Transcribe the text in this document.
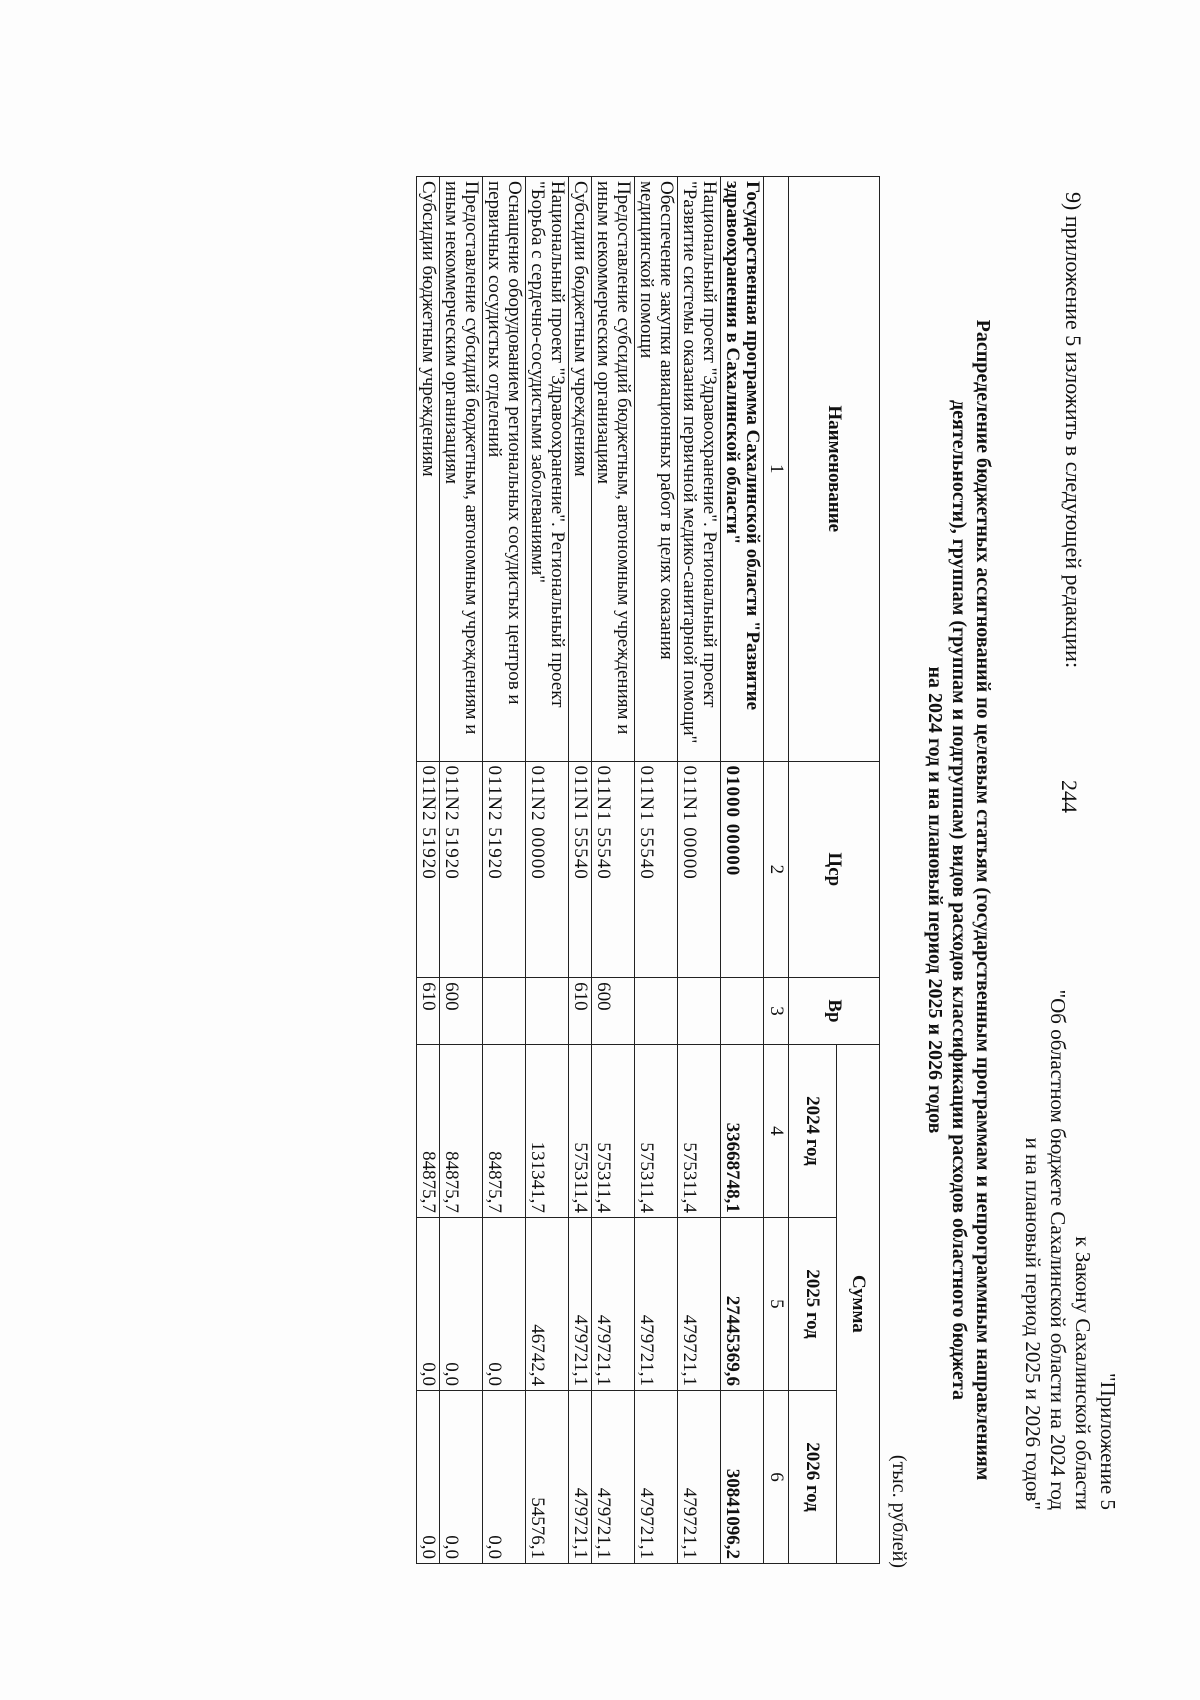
9) приложение 5 изложить в следующей редакции:
244
"Приложение 5
к Закону Сахалинской области
"Об областном бюджете Сахалинской области на 2024 год
и на плановый период 2025 и 2026 годов"
Распределение бюджетных ассигнований по целевым статьям (государственным программам и непрограммным направлениям
деятельности), группам (группам и подгруппам) видов расходов классификации расходов областного бюджета
на 2024 год и на плановый период 2025 и 2026 годов
(тыс. рублей)
Наименование	Цср	Вр	Сумма		
			2024 год	2025 год	2026 год
1	2	3	4	5	6
Государственная программа Сахалинской области "Развитие здравоохранения в Сахалинской области"	01000 00000		33668748,1	27445369,6	30841096,2
Национальный проект "Здравоохранение". Региональный проект "Развитие системы оказания первичной медико-санитарной помощи"	011N1 00000		575311,4	479721,1	479721,1
Обеспечение закупки авиационных работ в целях оказания медицинской помощи	011N1 55540		575311,4	479721,1	479721,1
Предоставление субсидий бюджетным, автономным учреждениям и иным некоммерческим организациям	011N1 55540	600	575311,4	479721,1	479721,1
Субсидии бюджетным учреждениям	011N1 55540	610	575311,4	479721,1	479721,1
Национальный проект "Здравоохранение". Региональный проект "Борьба с сердечно-сосудистыми заболеваниями"	011N2 00000		131341,7	46742,4	54576,1
Оснащение оборудованием региональных сосудистых центров и первичных сосудистых отделений	011N2 51920		84875,7	0,0	0,0
Предоставление субсидий бюджетным, автономным учреждениям и иным некоммерческим организациям	011N2 51920	600	84875,7	0,0	0,0
Субсидии бюджетным учреждениям	011N2 51920	610	84875,7	0,0	0,0
